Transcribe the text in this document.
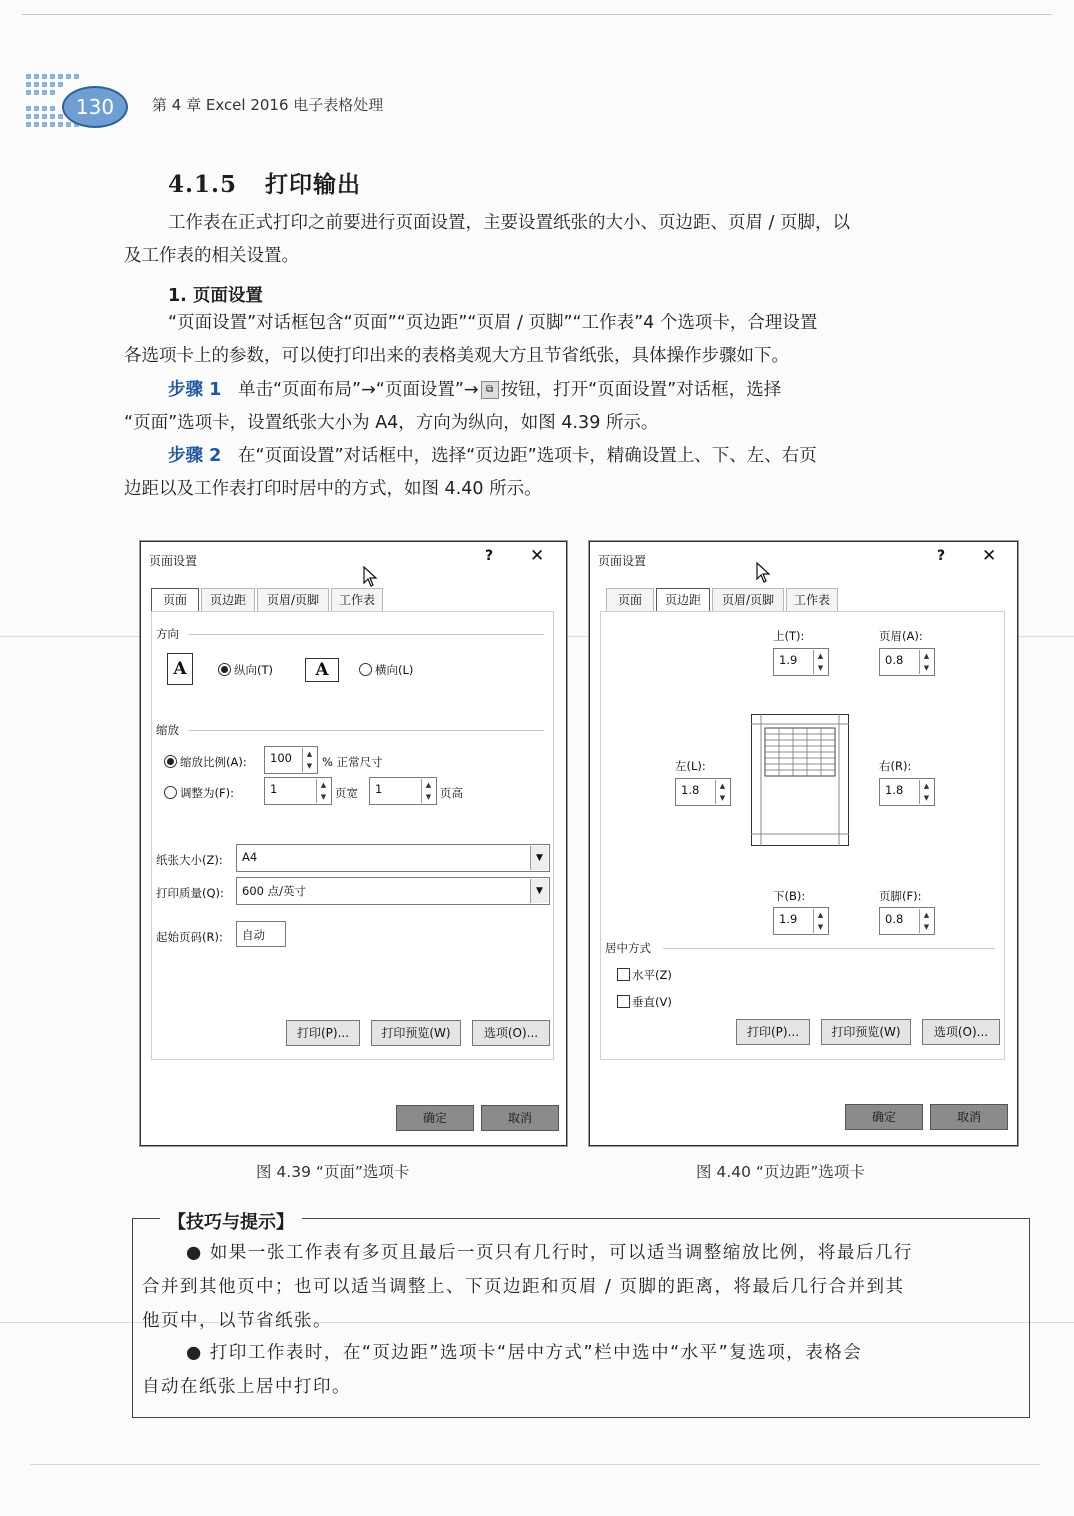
130	第 4 章 Excel 2016 电子表格处理
4.1.5 打印输出
工作表在正式打印之前要进行页面设置，主要设置纸张的大小、页边距、页眉 / 页脚，以
及工作表的相关设置。
1. 页面设置
“页面设置”对话框包含“页面”“页边距”“页眉 / 页脚”“工作表”4 个选项卡，合理设置
各选项卡上的参数，可以使打印出来的表格美观大方且节省纸张，具体操作步骤如下。
步骤 1 单击“页面布局”→“页面设置”→ ⧉ 按钮，打开“页面设置”对话框，选择
“页面”选项卡，设置纸张大小为 A4，方向为纵向，如图 4.39 所示。
步骤 2 在“页面设置”对话框中，选择“页边距”选项卡，精确设置上、下、左、右页
边距以及工作表打印时居中的方式，如图 4.40 所示。
页面设置	? ✕
页面	页边距	页眉/页脚	工作表
方向
A	纵向(T)	A	横向(L)
缩放
缩放比例(A): 100	▲
▼ % 正常尺寸
调整为(F):	1	▲
▼ 页宽 1	▲
▼ 页高
纸张大小(Z): A4	▼
打印质量(Q): 600 点/英寸	▼
起始页码(R): 自动
打印(P)...	打印预览(W)	选项(O)...
确定	取消
页面设置	? ✕
页面	页边距	页眉/页脚	工作表
上(T):
1.9	▲
▼
页眉(A):
0.8	▲
▼
左(L):
1.8	▲
▼
右(R):
1.8	▲
▼
下(B):
1.9	▲
▼
页脚(F):
0.8	▲
▼
居中方式
水平(Z)
垂直(V)
打印(P)...	打印预览(W)	选项(O)...
确定	取消
图 4.39 “页面”选项卡	图 4.40 “页边距”选项卡
【技巧与提示】
● 如果一张工作表有多页且最后一页只有几行时，可以适当调整缩放比例，将最后几行
合并到其他页中；也可以适当调整上、下页边距和页眉 / 页脚的距离，将最后几行合并到其
他页中，以节省纸张。
● 打印工作表时，在“页边距”选项卡“居中方式”栏中选中“水平”复选项，表格会
自动在纸张上居中打印。
